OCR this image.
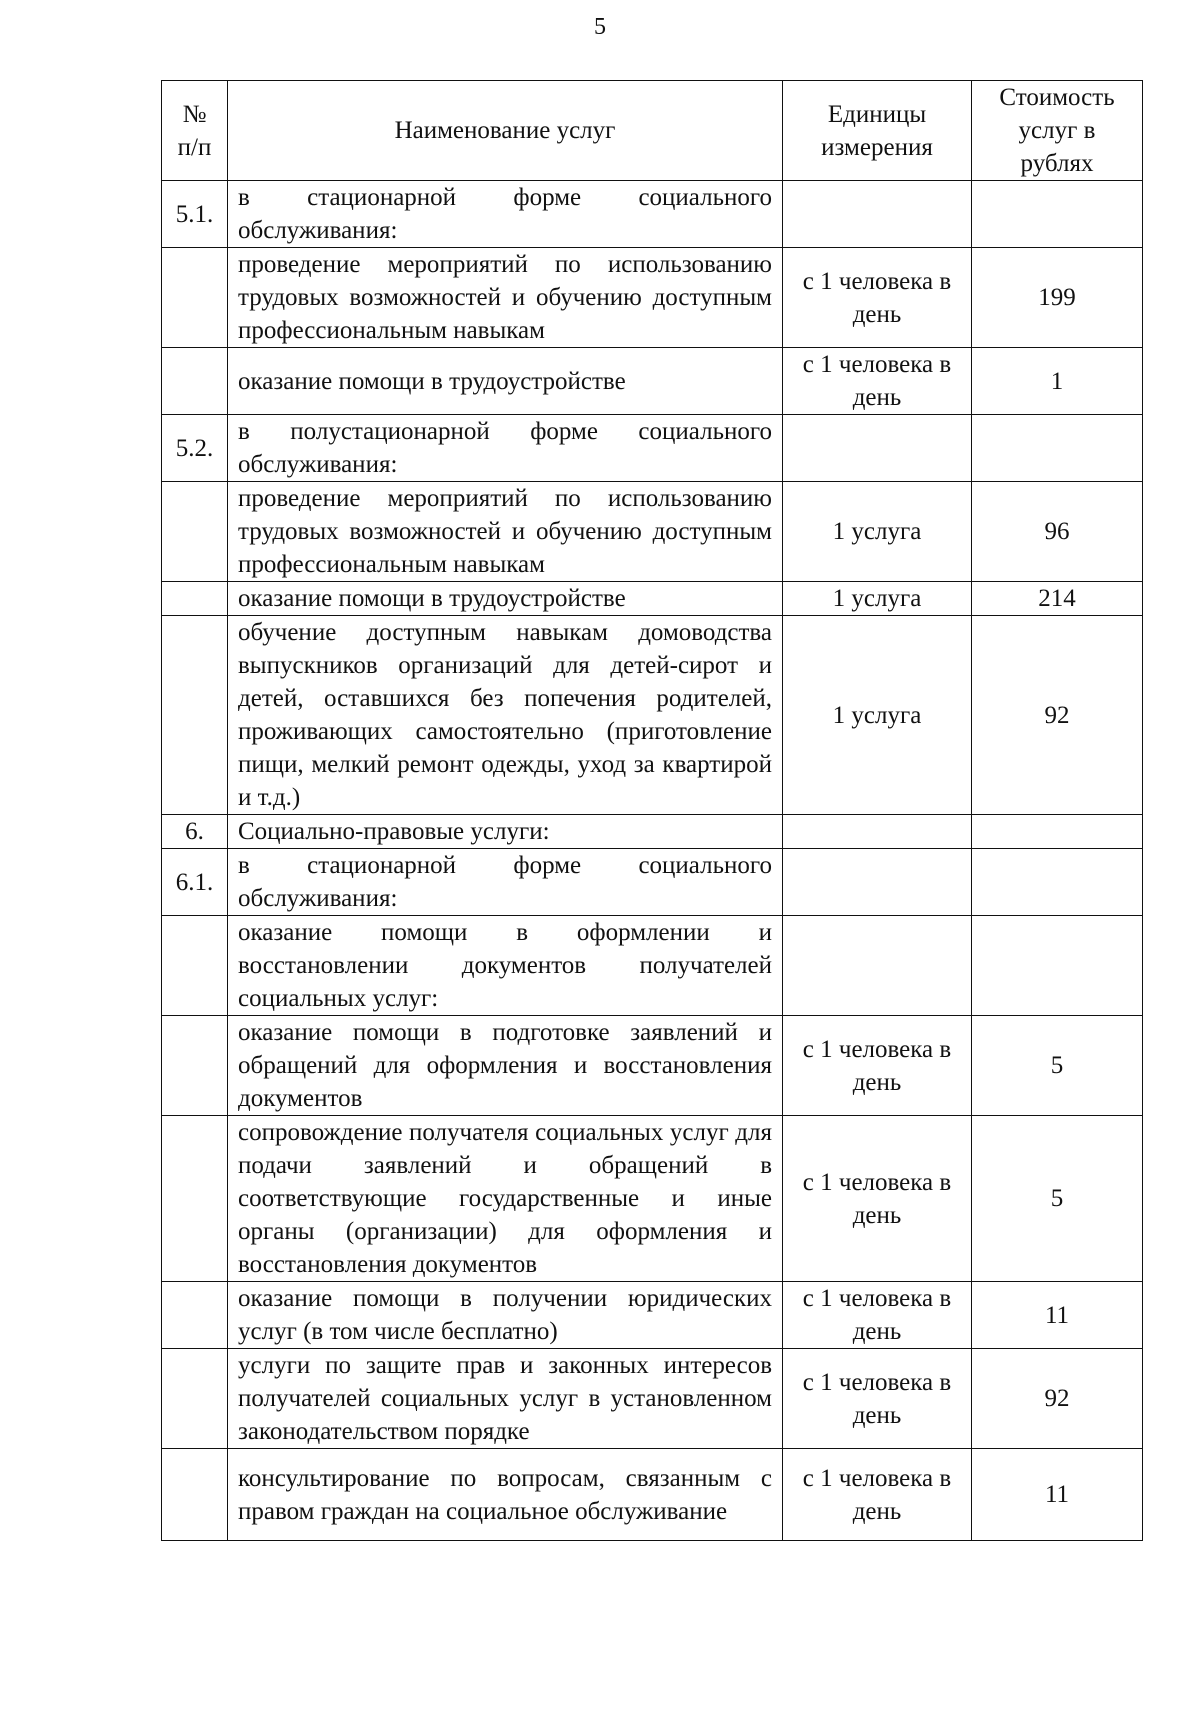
5
№ п/п	Наименование услуг	Единицы измерения	Стоимость услуг в рублях
5.1.	в стационарной форме социального обслуживания:		
	проведение мероприятий по использованию трудовых возможностей и обучению доступным профессиональным навыкам	с 1 человека в день	199
	оказание помощи в трудоустройстве	с 1 человека в день	1
5.2.	в полустационарной форме социального обслуживания:		
	проведение мероприятий по использованию трудовых возможностей и обучению доступным профессиональным навыкам	1 услуга	96
	оказание помощи в трудоустройстве	1 услуга	214
	обучение доступным навыкам домоводства выпускников организаций для детей-сирот и детей, оставшихся без попечения родителей, проживающих самостоятельно (приготовление пищи, мелкий ремонт одежды, уход за квартирой и т.д.)	1 услуга	92
6.	Социально-правовые услуги:		
6.1.	в стационарной форме социального обслуживания:		
	оказание помощи в оформлении и восстановлении документов получателей социальных услуг:		
	оказание помощи в подготовке заявлений и обращений для оформления и восстановления документов	с 1 человека в день	5
	сопровождение получателя социальных услуг для подачи заявлений и обращений в соответствующие государственные и иные органы (организации) для оформления и восстановления документов	с 1 человека в день	5
	оказание помощи в получении юридических услуг (в том числе бесплатно)	с 1 человека в день	11
	услуги по защите прав и законных интересов получателей социальных услуг в установленном законодательством порядке	с 1 человека в день	92
	консультирование по вопросам, связанным с правом граждан на социальное обслуживание	с 1 человека в день	11
